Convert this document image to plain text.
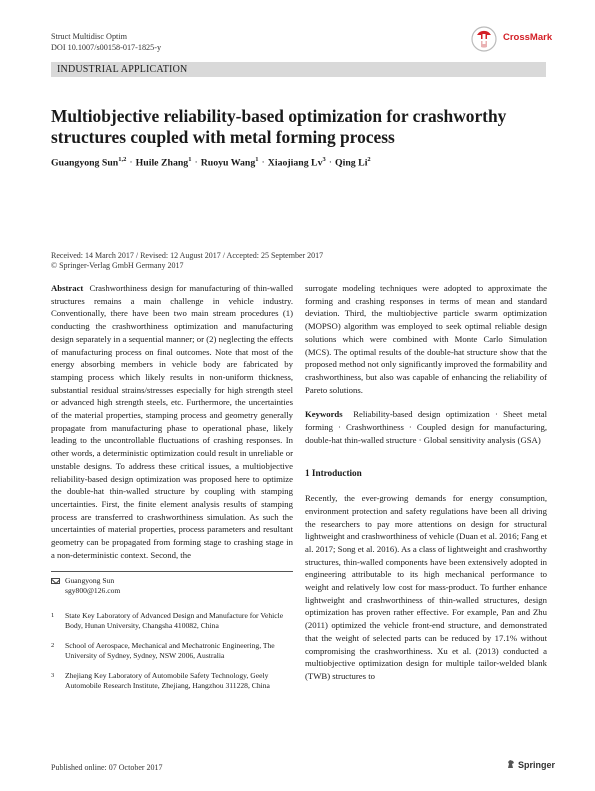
Struct Multidisc Optim
DOI 10.1007/s00158-017-1825-y
CrossMark
INDUSTRIAL APPLICATION
Multiobjective reliability-based optimization for crashworthy structures coupled with metal forming process
Guangyong Sun$^{1,2}$ · Huile Zhang$^1$ · Ruoyu Wang$^1$ · Xiaojiang $Lv^3$ · Qing Li$^2$
Received: 14 March 2017 / Revised: 12 August 2017 / Accepted: 25 September 2017
© Springer-Verlag GmbH Germany 2017

Abstract Crashworthiness design for manufacturing of thin-walled structures remains a main challenge in vehicle industry. Conventionally, there have been two main stream procedures (1) conducting the crashworthiness optimization and manufacturing design separately in a sequential manner; or (2) neglecting the effects of manufacturing process on final outcomes. Note that most of the energy absorbing members in vehicle body are fabricated by stamping process which likely results in non-uniform thickness, substantial residual strains/stresses especially for high strength steel or advanced high strength steels, etc. Furthermore, the uncertainties of the material properties, stamping process and geometry generally propagate from manufacturing phase to operational phase, likely leading to the uncontrollable fluctuations of crashing responses. In other words, a deterministic optimization could result in unreliable or unstable designs. To address these critical issues, a multiobjective reliability-based design optimization was proposed here to optimize the double-hat thin-walled structure by coupling with stamping uncertainties. First, the finite element analysis results of stamping process are transferred to crashworthiness simulation. As such the uncertainties of material properties, process parameters and resultant geometry can be propagated from forming stage to crashing stage in a non-deterministic context. Second, the

Guangyong Sun
sgy800@126.com
1 State Key Laboratory of Advanced Design and Manufacture for Vehicle Body, Hunan University, Changsha 410082, China
2 School of Aerospace, Mechanical and Mechatronic Engineering, The University of Sydney, Sydney, NSW 2006, Australia
3 Zhejiang Key Laboratory of Automobile Safety Technology, Geely Automobile Research Institute, Zhejiang, Hangzhou 311228, China

surrogate modeling techniques were adopted to approximate the forming and crashing responses in terms of mean and standard deviation. Third, the multiobjective particle swarm optimization (MOPSO) algorithm was employed to seek optimal reliable design solutions which were combined with Monte Carlo Simulation (MCS). The optimal results of the double-hat structure show that the proposed method not only significantly improved the formability and crashworthiness, but also was capable of enhancing the reliability of Pareto solutions.

Keywords Reliability-based design optimization · Sheet metal forming · Crashworthiness · Coupled design for manufacturing, double-hat thin-walled structure · Global sensitivity analysis (GSA)

1 Introduction

Recently, the ever-growing demands for energy consumption, environment protection and safety regulations have been all driving the researchers to pay more attentions on design for structural lightweight and crashworthiness of vehicle (Duan et al. 2016; Fang et al. 2017; Song et al. 2016). As a class of lightweight and crashworthy structures, thin-walled components have been extensively adopted in engineering attributable to its high mechanical performance to weight and relatively low cost for mass-product. To further enhance lightweight and crashworthiness of thin-walled structures, design optimization has proven rather effective. For example, Pan and Zhu (2011) optimized the vehicle front-end structure, and demonstrated that the weight of selected parts can be reduced by 17.1% without compromising the crashworthiness. Xu et al. (2013) conducted a multiobjective optimization design for multiple tailor-welded blank (TWB) structures to

Published online: 07 October 2017	Springer
